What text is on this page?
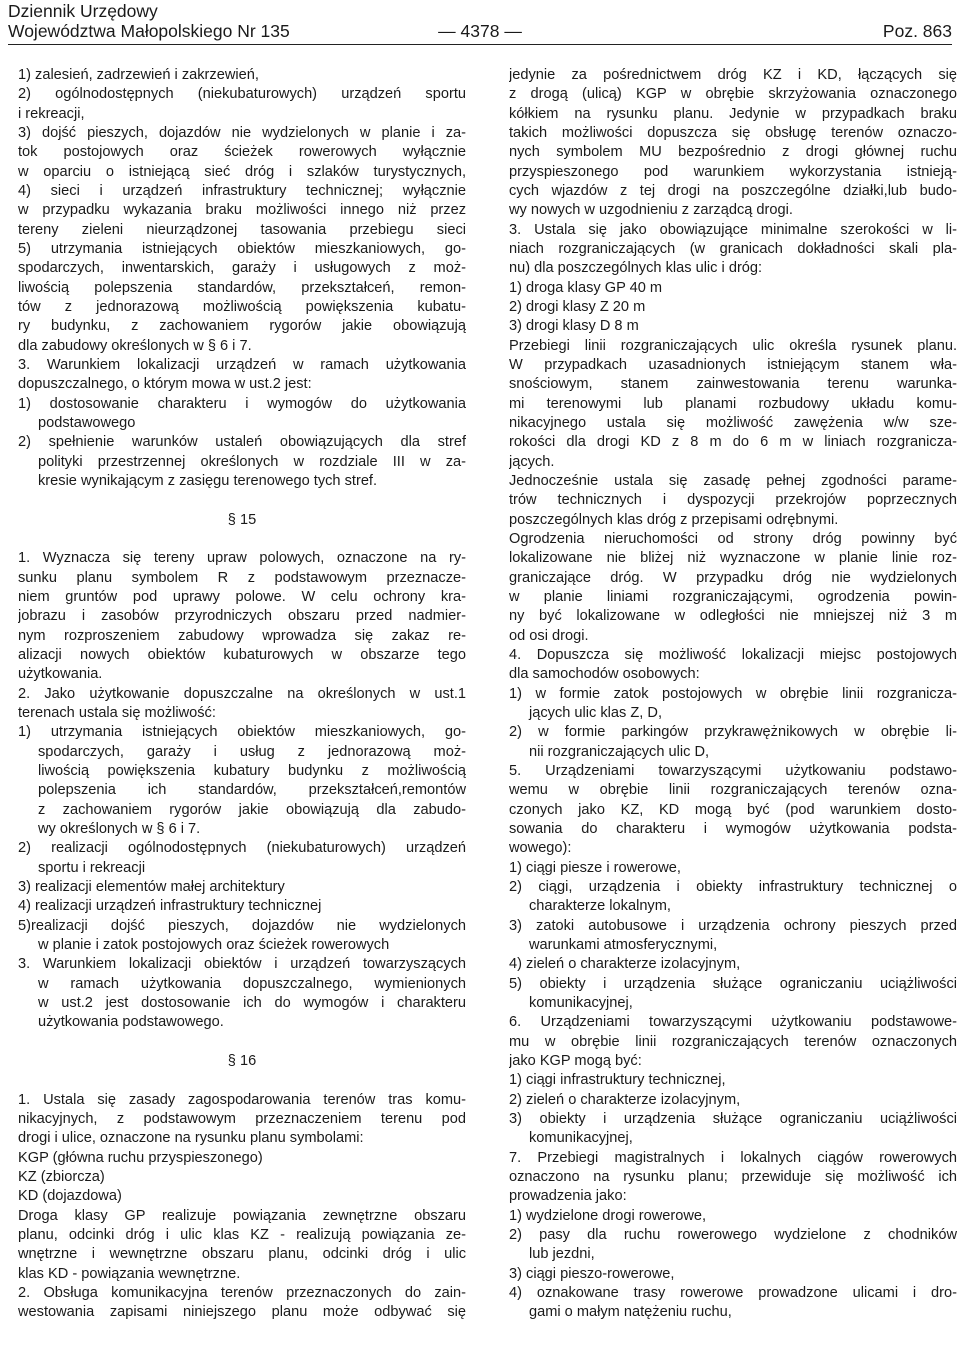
Dziennik Urzędowy
Województwa Małopolskiego Nr 135	— 4378 —	Poz. 863
1) zalesień, zadrzewień i zakrzewień,
2) ogólnodostępnych (niekubaturowych) urządzeń sportu
i rekreacji,
3) dojść pieszych, dojazdów nie wydzielonych w planie i za-
tok postojowych oraz ścieżek rowerowych wyłącznie
w oparciu o istniejącą sieć dróg i szlaków turystycznych,
4) sieci i urządzeń infrastruktury technicznej; wyłącznie
w przypadku wykazania braku możliwości innego niż przez
tereny zieleni nieurządzonej tasowania przebiegu sieci
5) utrzymania istniejących obiektów mieszkaniowych, go-
spodarczych, inwentarskich, garaży i usługowych z moż-
liwością polepszenia standardów, przekształceń, remon-
tów z jednorazową możliwością powiększenia kubatu-
ry budynku, z zachowaniem rygorów jakie obowiązują
dla zabudowy określonych w § 6 i 7.
3. Warunkiem lokalizacji urządzeń w ramach użytkowania
dopuszczalnego, o którym mowa w ust.2 jest:
1) dostosowanie charakteru i wymogów do użytkowania
podstawowego
2) spełnienie warunków ustaleń obowiązujących dla stref
polityki przestrzennej określonych w rozdziale III w za-
kresie wynikającym z zasięgu terenowego tych stref.
§ 15
1. Wyznacza się tereny upraw polowych, oznaczone na ry-
sunku planu symbolem R z podstawowym przeznacze-
niem gruntów pod uprawy polowe. W celu ochrony kra-
jobrazu i zasobów przyrodniczych obszaru przed nadmier-
nym rozproszeniem zabudowy wprowadza się zakaz re-
alizacji nowych obiektów kubaturowych w obszarze tego
użytkowania.
2. Jako użytkowanie dopuszczalne na określonych w ust.1
terenach ustala się możliwość:
1) utrzymania istniejących obiektów mieszkaniowych, go-
spodarczych, garaży i usług z jednorazową moż-
liwością powiększenia kubatury budynku z możliwością
polepszenia ich standardów, przekształceń,remontów
z zachowaniem rygorów jakie obowiązują dla zabudo-
wy określonych w § 6 i 7.
2) realizacji ogólnodostępnych (niekubaturowych) urządzeń
sportu i rekreacji
3) realizacji elementów małej architektury
4) realizacji urządzeń infrastruktury technicznej
5)realizacji dojść pieszych, dojazdów nie wydzielonych
w planie i zatok postojowych oraz ścieżek rowerowych
3. Warunkiem lokalizacji obiektów i urządzeń towarzyszących
w ramach użytkowania dopuszczalnego, wymienionych
w ust.2 jest dostosowanie ich do wymogów i charakteru
użytkowania podstawowego.
§ 16
1. Ustala się zasady zagospodarowania terenów tras komu-
nikacyjnych, z podstawowym przeznaczeniem terenu pod
drogi i ulice, oznaczone na rysunku planu symbolami:
KGP (główna ruchu przyspieszonego)
KZ (zbiorcza)
KD (dojazdowa)
Droga klasy GP realizuje powiązania zewnętrzne obszaru
planu, odcinki dróg i ulic klas KZ - realizują powiązania ze-
wnętrzne i wewnętrzne obszaru planu, odcinki dróg i ulic
klas KD - powiązania wewnętrzne.
2. Obsługa komunikacyjna terenów przeznaczonych do zain-
westowania zapisami niniejszego planu może odbywać się
jedynie za pośrednictwem dróg KZ i KD, łączących się
z drogą (ulicą) KGP w obrębie skrzyżowania oznaczonego
kółkiem na rysunku planu. Jedynie w przypadkach braku
takich możliwości dopuszcza się obsługę terenów oznaczo-
nych symbolem MU bezpośrednio z drogi głównej ruchu
przyspieszonego pod warunkiem wykorzystania istnieją-
cych wjazdów z tej drogi na poszczególne działki,lub budo-
wy nowych w uzgodnieniu z zarządcą drogi.
3. Ustala się jako obowiązujące minimalne szerokości w li-
niach rozgraniczających (w granicach dokładności skali pla-
nu) dla poszczególnych klas ulic i dróg:
1) droga klasy GP 40 m
2) drogi klasy Z 20 m
3) drogi klasy D 8 m
Przebiegi linii rozgraniczających ulic określa rysunek planu.
W przypadkach uzasadnionych istniejącym stanem wła-
snościowym, stanem zainwestowania terenu warunka-
mi terenowymi lub planami rozbudowy układu komu-
nikacyjnego ustala się możliwość zawężenia w/w sze-
rokości dla drogi KD z 8 m do 6 m w liniach rozgranicza-
jących.
Jednocześnie ustala się zasadę pełnej zgodności parame-
trów technicznych i dyspozycji przekrojów poprzecznych
poszczególnych klas dróg z przepisami odrębnymi.
Ogrodzenia nieruchomości od strony dróg powinny być
lokalizowane nie bliżej niż wyznaczone w planie linie roz-
graniczające dróg. W przypadku dróg nie wydzielonych
w planie liniami rozgraniczającymi, ogrodzenia powin-
ny być lokalizowane w odległości nie mniejszej niż 3 m
od osi drogi.
4. Dopuszcza się możliwość lokalizacji miejsc postojowych
dla samochodów osobowych:
1) w formie zatok postojowych w obrębie linii rozgranicza-
jących ulic klas Z, D,
2) w formie parkingów przykrawężnikowych w obrębie li-
nii rozgraniczających ulic D,
5. Urządzeniami towarzyszącymi użytkowaniu podstawo-
wemu w obrębie linii rozgraniczających terenów ozna-
czonych jako KZ, KD mogą być (pod warunkiem dosto-
sowania do charakteru i wymogów użytkowania podsta-
wowego):
1) ciągi piesze i rowerowe,
2) ciągi, urządzenia i obiekty infrastruktury technicznej o
charakterze lokalnym,
3) zatoki autobusowe i urządzenia ochrony pieszych przed
warunkami atmosferycznymi,
4) zieleń o charakterze izolacyjnym,
5) obiekty i urządzenia służące ograniczaniu uciążliwości
komunikacyjnej,
6. Urządzeniami towarzyszącymi użytkowaniu podstawowe-
mu w obrębie linii rozgraniczających terenów oznaczonych
jako KGP mogą być:
1) ciągi infrastruktury technicznej,
2) zieleń o charakterze izolacyjnym,
3) obiekty i urządzenia służące ograniczaniu uciążliwości
komunikacyjnej,
7. Przebiegi magistralnych i lokalnych ciągów rowerowych
oznaczono na rysunku planu; przewiduje się możliwość ich
prowadzenia jako:
1) wydzielone drogi rowerowe,
2) pasy dla ruchu rowerowego wydzielone z chodników
lub jezdni,
3) ciągi pieszo-rowerowe,
4) oznakowane trasy rowerowe prowadzone ulicami i dro-
gami o małym natężeniu ruchu,
